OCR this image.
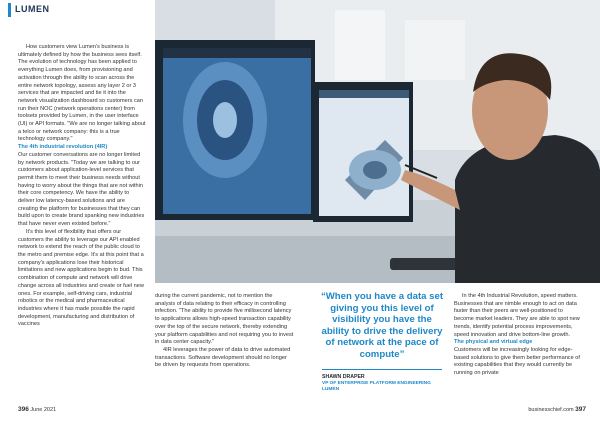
LUMEN

How customers view Lumen's business is ultimately defined by how the business sees itself. The evolution of technology has been applied to everything Lumen does, from provisioning and activation through the ability to scan across the entire network topology, assess any layer 2 or 3 services that are impacted and tie it into the network visualization dashboard so customers can run their NOC (network operations center) from toolsets provided by Lumen, in the user interface (UI) or API formats. "We are no longer talking about a telco or network company: this is a true technology company."

The 4th industrial revolution (4IR)

Our customer conversations are no longer limited by network products. "Today we are talking to our customers about application-level services that permit them to meet their business needs without having to worry about the things that are not within their core competency. We have the ability to deliver low latency-based solutions and are creating the platform for businesses that they can build upon to create brand spanking new industries that have never even existed before."

It's this level of flexibility that offers our customers the ability to leverage our API enabled network to extend the reach of the public cloud to the metro and premise edge. It's at this point that a company's applications lose their historical limitations and new applications begin to bud. This combination of compute and network will drive change across all industries and create or fuel new ones. For example, self-driving cars, industrial robotics or the medical and pharmaceutical industries where it has made possible the rapid development, manufacturing and distribution of vaccines

during the current pandemic, not to mention the analysis of data relating to their efficacy in controlling infection. "The ability to provide five millisecond latency to applications allows high-speed transaction capability over the top of the secure network, thereby extending your platform capabilities and not requiring you to invest in data center capacity."

4IR leverages the power of data to drive automated transactions. Software development should no longer be driven by requests from operations.

“When you have a data set giving you this level of visibility you have the ability to drive the delivery of network at the pace of compute”
SHAWN DRAPER
VP OF ENTERPRISE PLATFORM ENGINEERING LUMEN

In the 4th Industrial Revolution, speed matters. Businesses that are nimble enough to act on data faster than their peers are well-positioned to become market leaders. They are able to spot new trends, identify potential process improvements, speed innovation and drive bottom-line growth.

The physical and virtual edge

Customers will be increasingly looking for edge-based solutions to give them better performance of existing capabilities that they would currently be running on private

396 June 2021	businesschief.com 397
